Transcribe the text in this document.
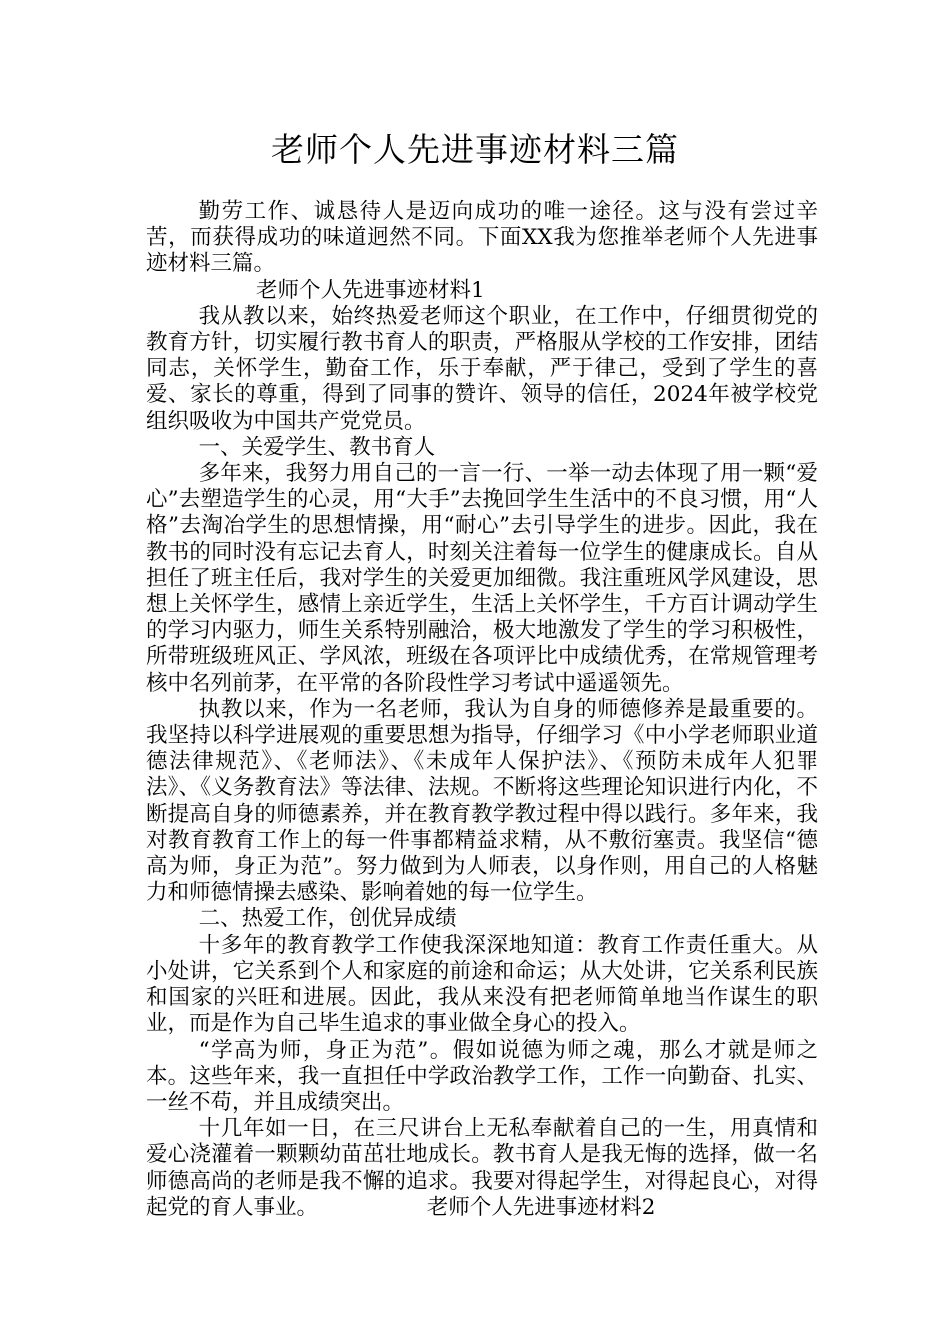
老师个人先进事迹材料三篇

勤劳工作、诚恳待人是迈向成功的唯一途径。这与没有尝过辛苦，而获得成功的味道迥然不同。下面XX我为您推举老师个人先进事迹材料三篇。

老师个人先进事迹材料1

我从教以来，始终热爱老师这个职业，在工作中，仔细贯彻党的教育方针，切实履行教书育人的职责，严格服从学校的工作安排，团结同志，关怀学生，勤奋工作，乐于奉献，严于律己，受到了学生的喜爱、家长的尊重，得到了同事的赞许、领导的信任，2024年被学校党组织吸收为中国共产党党员。

一、关爱学生、教书育人

多年来，我努力用自己的一言一行、一举一动去体现了用一颗“爱心”去塑造学生的心灵，用“大手”去挽回学生生活中的不良习惯，用“人格”去淘冶学生的思想情操，用“耐心”去引导学生的进步。因此，我在教书的同时没有忘记去育人，时刻关注着每一位学生的健康成长。自从担任了班主任后，我对学生的关爱更加细微。我注重班风学风建设，思想上关怀学生，感情上亲近学生，生活上关怀学生，千方百计调动学生的学习内驱力，师生关系特别融洽，极大地激发了学生的学习积极性，所带班级班风正、学风浓，班级在各项评比中成绩优秀，在常规管理考核中名列前茅，在平常的各阶段性学习考试中遥遥领先。

执教以来，作为一名老师，我认为自身的师德修养是最重要的。我坚持以科学进展观的重要思想为指导，仔细学习《中小学老师职业道德法律规范》、《老师法》、《未成年人保护法》、《预防未成年人犯罪法》、《义务教育法》等法律、法规。不断将这些理论知识进行内化，不断提高自身的师德素养，并在教育教学教过程中得以践行。多年来，我对教育教育工作上的每一件事都精益求精，从不敷衍塞责。我坚信“德高为师，身正为范”。努力做到为人师表，以身作则，用自己的人格魅力和师德情操去感染、影响着她的每一位学生。

二、热爱工作，创优异成绩

十多年的教育教学工作使我深深地知道：教育工作责任重大。从小处讲，它关系到个人和家庭的前途和命运；从大处讲，它关系利民族和国家的兴旺和进展。因此，我从来没有把老师简单地当作谋生的职业，而是作为自己毕生追求的事业做全身心的投入。

“学高为师，身正为范”。假如说德为师之魂，那么才就是师之本。这些年来，我一直担任中学政治教学工作，工作一向勤奋、扎实、一丝不苟，并且成绩突出。

十几年如一日，在三尺讲台上无私奉献着自己的一生，用真情和爱心浇灌着一颗颗幼苗茁壮地成长。教书育人是我无悔的选择，做一名师德高尚的老师是我不懈的追求。我要对得起学生，对得起良心，对得起党的育人事业。	老师个人先进事迹材料2
